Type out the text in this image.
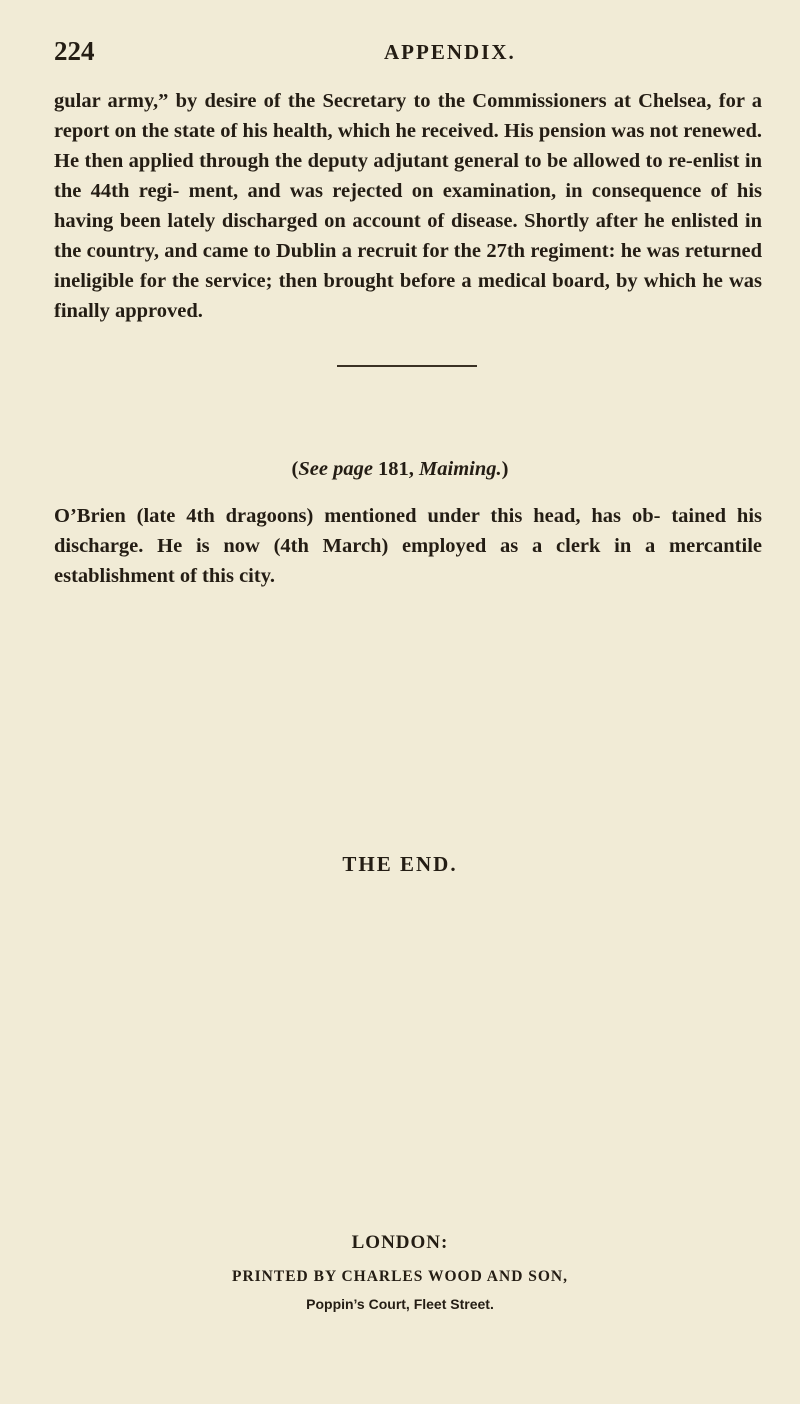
224	APPENDIX.

gular army,” by desire of the Secretary to the Commissioners at Chelsea, for a report on the state of his health, which he received. His pension was not renewed. He then applied through the deputy adjutant general to be allowed to re-enlist in the 44th regi- ment, and was rejected on examination, in consequence of his having been lately discharged on account of disease. Shortly after he enlisted in the country, and came to Dublin a recruit for the 27th regiment: he was returned ineligible for the service; then brought before a medical board, by which he was finally approved.

(See page 181, Maiming.)

O’Brien (late 4th dragoons) mentioned under this head, has ob- tained his discharge. He is now (4th March) employed as a clerk in a mercantile establishment of this city.

THE END.
LONDON:
PRINTED BY CHARLES WOOD AND SON,
Poppin’s Court, Fleet Street.
